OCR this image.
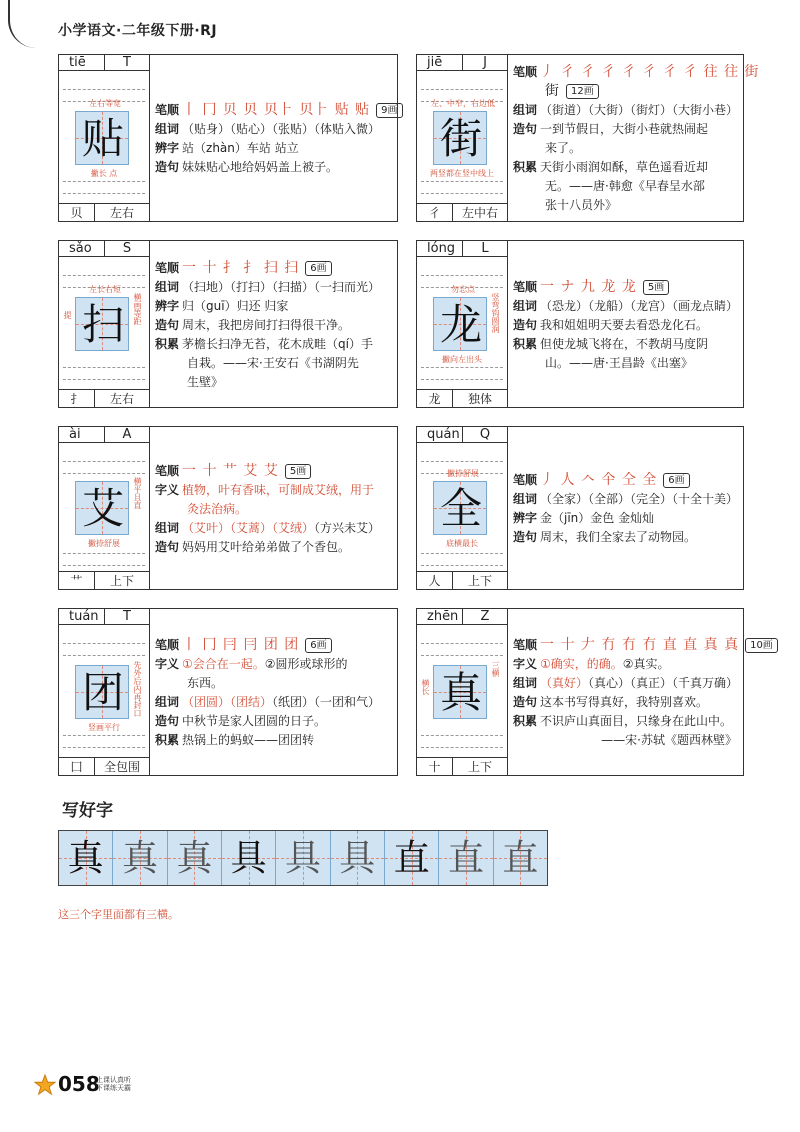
小学语文·二年级下册·RJ
tiē	T
贴
左右等宽
撇长 点
贝	左右
笔顺 丨 冂 贝 贝 贝⺊ 贝⺊ 贴 贴 9画
组词 （贴身）（贴心）（张贴）（体贴入微）
辨字 站（zhàn）车站 站立
造句 妹妹贴心地给妈妈盖上被子。
jiē	J
街
左、中窄，右边低
两竖都在竖中线上
彳	左中右
笔顺 丿 彳 彳 彳 彳 彳 彳 彳 往 往 街
街 12画
组词 （街道）（大街）（街灯）（大街小巷）
造句 一到节假日，大街小巷就热闹起
来了。
积累 天街小雨润如酥，草色遥看近却
无。——唐·韩愈《早春呈水部
张十八员外》
sǎo	S
扫
左长右短
提	横画等距
扌	左右
笔顺 一 十 扌 扌 扫 扫 6画
组词 （扫地）（打扫）（扫描）（一扫而光）
辨字 归（guī）归还 归家
造句 周末，我把房间打扫得很干净。
积累 茅檐长扫净无苔，花木成畦（qí）手
自栽。——宋·王安石《书湖阴先
生壁》
lóng	L
龙
勿忘点
撇向左出头
竖弯钩圆润
龙	独体
笔顺 一 ナ 九 龙 龙 5画
组词 （恐龙）（龙船）（龙宫）（画龙点睛）
造句 我和姐姐明天要去看恐龙化石。
积累 但使龙城飞将在，不教胡马度阴
山。——唐·王昌龄《出塞》
ài	A
艾
撇捺舒展
横平且直
艹	上下
笔顺 一 十 艹 艾 艾 5画
字义 植物，叶有香味，可制成艾绒，用于
灸法治病。
组词 （艾叶）（艾蒿）（艾绒）（方兴未艾）
造句 妈妈用艾叶给弟弟做了个香包。
quán	Q
全
撇捺舒展
底横最长
人	上下
笔顺 丿 人 𠆢 仐 仝 全 6画
组词 （全家）（全部）（完全）（十全十美）
辨字 金（jīn）金色 金灿灿
造句 周末，我们全家去了动物园。
tuán	T
团
竖画平行
先外后内再封口
囗	全包围
笔顺 丨 冂 冃 冃 团 团 6画
字义 ①会合在一起。②圆形或球形的
东西。
组词 （团圆）（团结）（纸团）（一团和气）
造句 中秋节是家人团圆的日子。
积累 热锅上的蚂蚁——团团转
zhēn	Z
真
横长
三横
十	上下
笔顺 一 十 𠂇 冇 冇 冇 直 直 真 真 10画
字义 ①确实，的确。②真实。
组词 （真好）（真心）（真正）（千真万确）
造句 这本书写得真好，我特别喜欢。
积累 不识庐山真面目，只缘身在此山中。
——宋·苏轼《题西林壁》
写好字
真 真 真 具 具 具 直 直 直
这三个字里面都有三横。
058
上课认真听
下课练天霸
